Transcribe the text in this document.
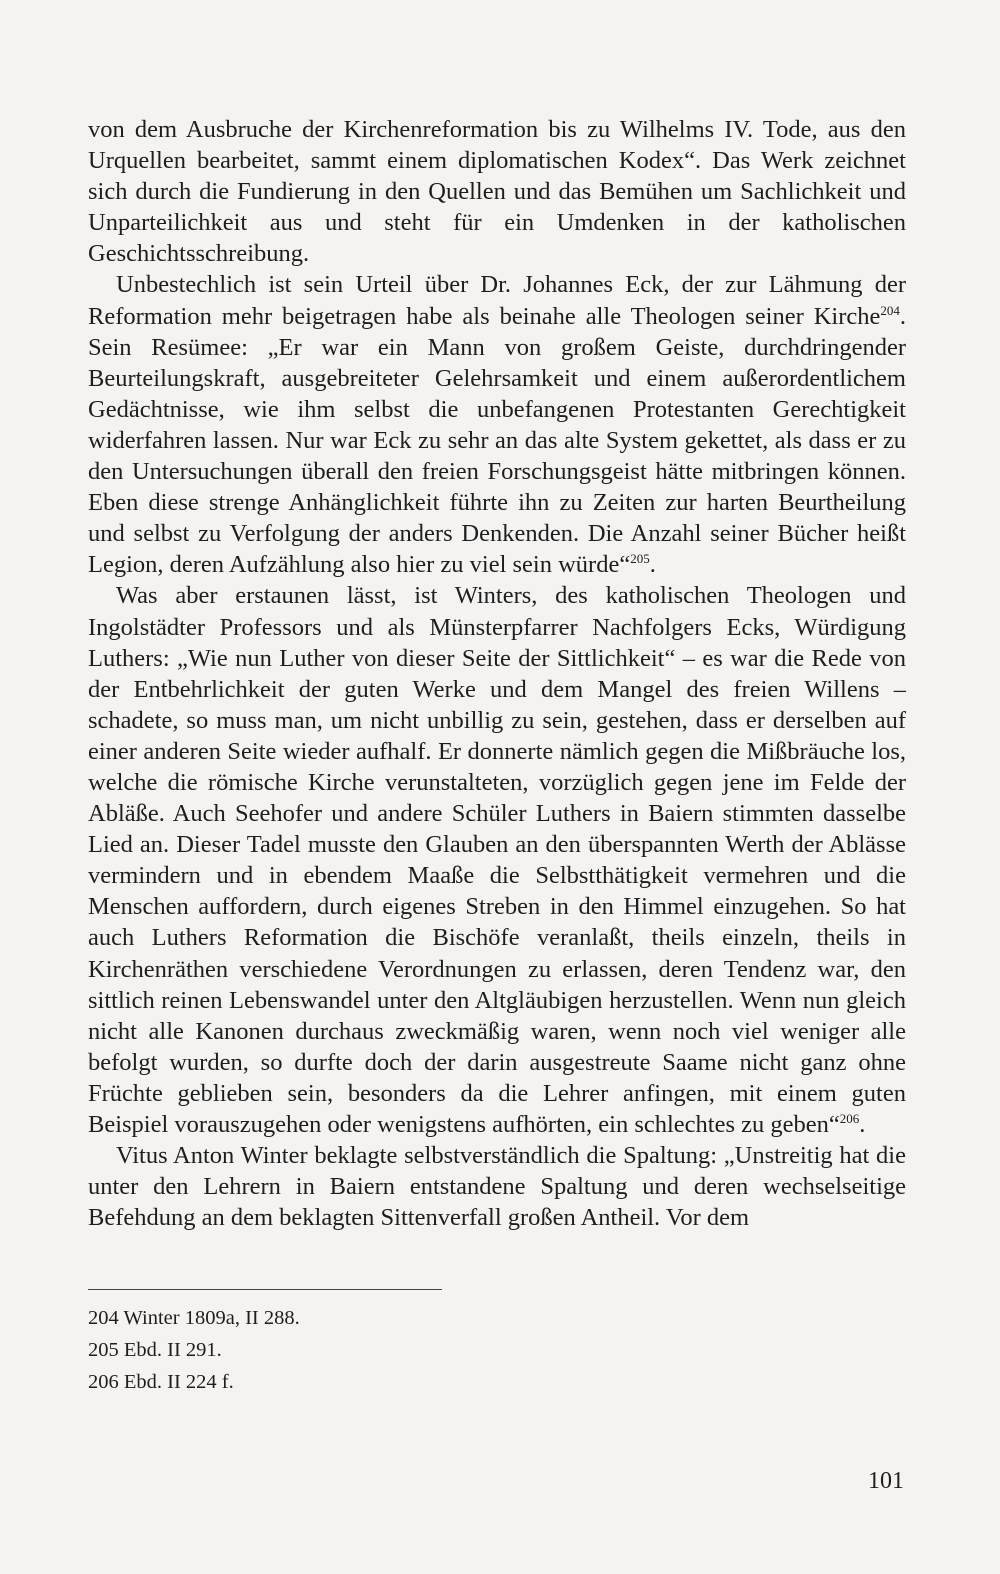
von dem Ausbruche der Kirchenreformation bis zu Wilhelms IV. Tode, aus den Urquellen bearbeitet, sammt einem diplomatischen Kodex“. Das Werk zeichnet sich durch die Fundierung in den Quellen und das Bemühen um Sachlichkeit und Unparteilichkeit aus und steht für ein Umdenken in der katholischen Geschichtsschreibung.

Unbestechlich ist sein Urteil über Dr. Johannes Eck, der zur Lähmung der Reformation mehr beigetragen habe als beinahe alle Theologen seiner Kirche$^{204}$. Sein Resümee: „Er war ein Mann von großem Geiste, durchdringender Beurteilungskraft, ausgebreiteter Gelehrsamkeit und einem außerordentlichem Gedächtnisse, wie ihm selbst die unbefangenen Protestanten Gerechtigkeit widerfahren lassen. Nur war Eck zu sehr an das alte System gekettet, als dass er zu den Untersuchungen überall den freien Forschungsgeist hätte mitbringen können. Eben diese strenge Anhänglichkeit führte ihn zu Zeiten zur harten Beurtheilung und selbst zu Verfolgung der anders Denkenden. Die Anzahl seiner Bücher heißt Legion, deren Aufzählung also hier zu viel sein würde“$^{205}$.

Was aber erstaunen lässt, ist Winters, des katholischen Theologen und Ingolstädter Professors und als Münsterpfarrer Nachfolgers Ecks, Würdigung Luthers: „Wie nun Luther von dieser Seite der Sittlichkeit“ – es war die Rede von der Entbehrlichkeit der guten Werke und dem Mangel des freien Willens – schadete, so muss man, um nicht unbillig zu sein, gestehen, dass er derselben auf einer anderen Seite wieder aufhalf. Er donnerte nämlich gegen die Mißbräuche los, welche die römische Kirche verunstalteten, vorzüglich gegen jene im Felde der Abläße. Auch Seehofer und andere Schüler Luthers in Baiern stimmten dasselbe Lied an. Dieser Tadel musste den Glauben an den überspannten Werth der Ablässe vermindern und in ebendem Maaße die Selbstthätigkeit vermehren und die Menschen auffordern, durch eigenes Streben in den Himmel einzugehen. So hat auch Luthers Reformation die Bischöfe veranlaßt, theils einzeln, theils in Kirchenräthen verschiedene Verordnungen zu erlassen, deren Tendenz war, den sittlich reinen Lebenswandel unter den Altgläubigen herzustellen. Wenn nun gleich nicht alle Kanonen durchaus zweckmäßig waren, wenn noch viel weniger alle befolgt wurden, so durfte doch der darin ausgestreute Saame nicht ganz ohne Früchte geblieben sein, besonders da die Lehrer anfingen, mit einem guten Beispiel vorauszugehen oder wenigstens aufhörten, ein schlechtes zu geben“$^{206}$.

Vitus Anton Winter beklagte selbstverständlich die Spaltung: „Unstreitig hat die unter den Lehrern in Baiern entstandene Spaltung und deren wechselseitige Befehdung an dem beklagten Sittenverfall großen Antheil. Vor dem

204 Winter 1809a, II 288.
205 Ebd. II 291.
206 Ebd. II 224 f.
101
